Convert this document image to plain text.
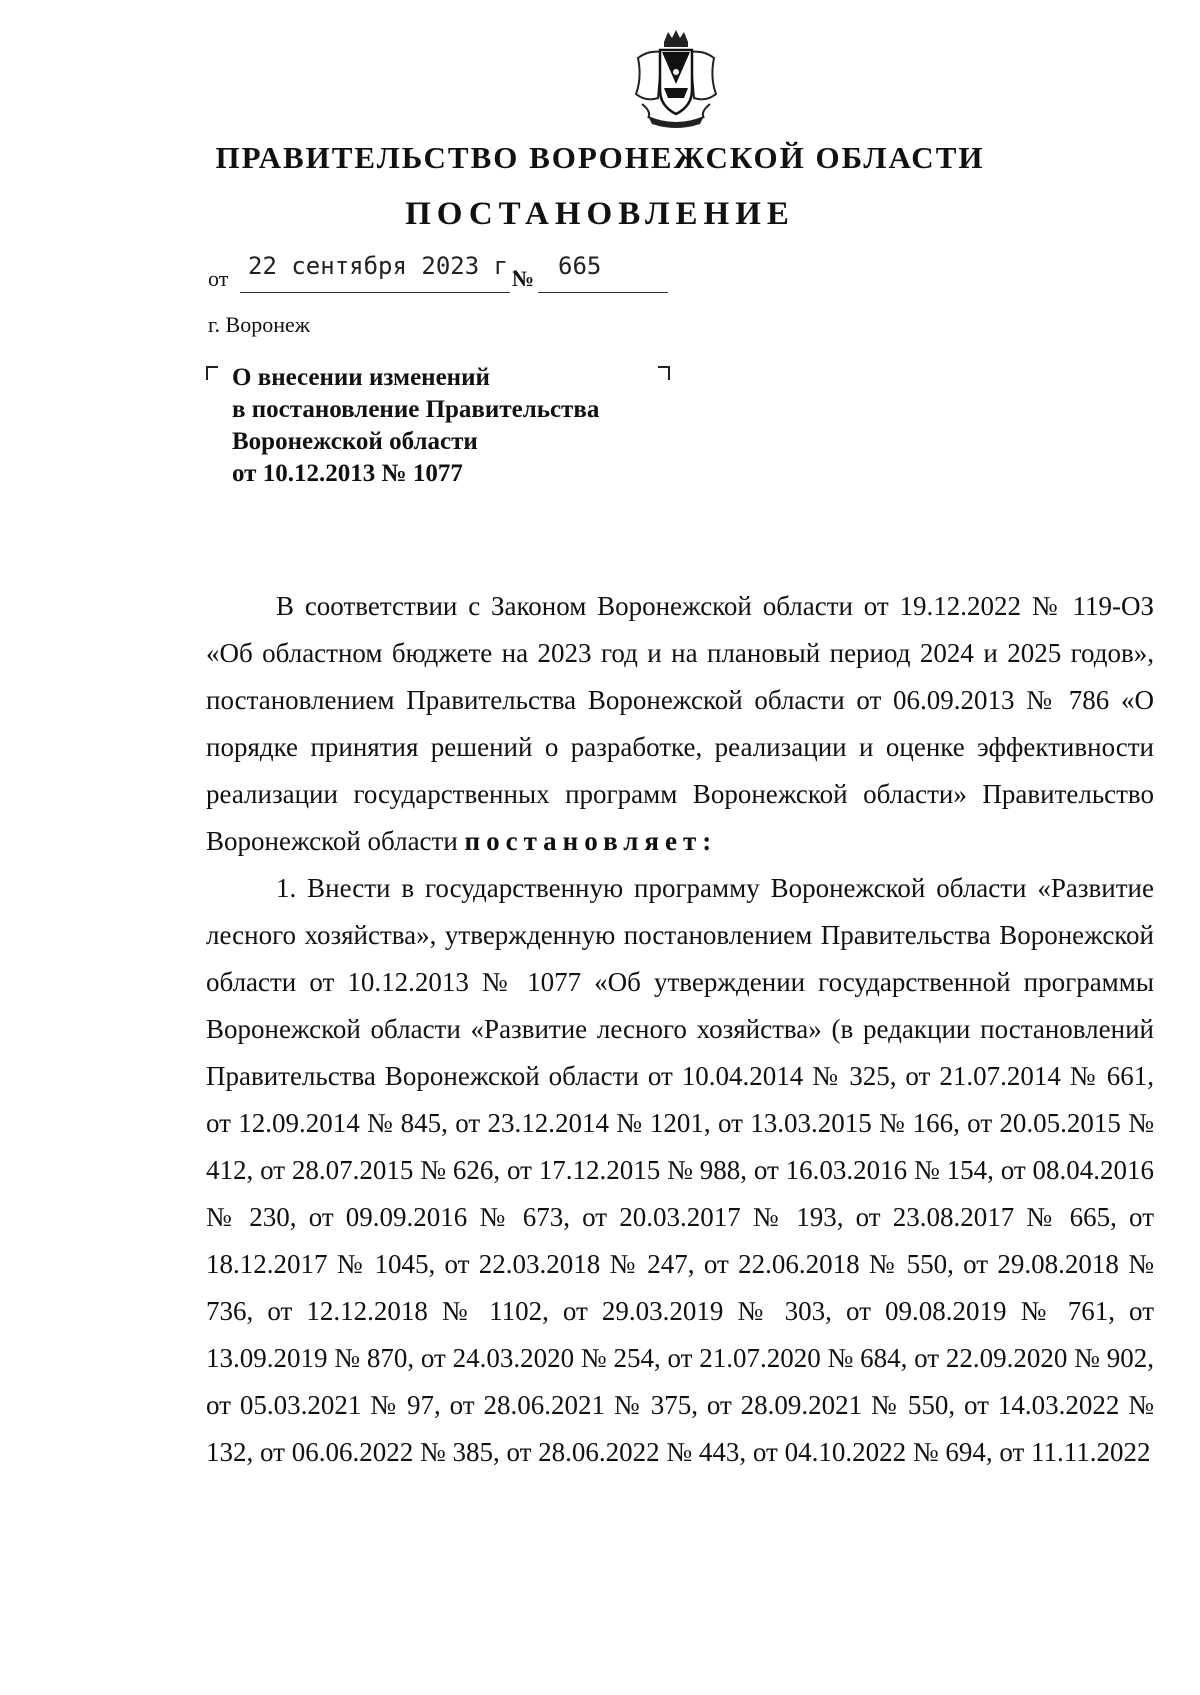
ПРАВИТЕЛЬСТВО ВОРОНЕЖСКОЙ ОБЛАСТИ
ПОСТАНОВЛЕНИЕ
от 22 сентября 2023 г.
№ 665
г. Воронеж
О внесении изменений
в постановление Правительства
Воронежской области
от 10.12.2013 № 1077

В соответствии с Законом Воронежской области от 19.12.2022 № 119-ОЗ «Об областном бюджете на 2023 год и на плановый период 2024 и 2025 годов», постановлением Правительства Воронежской области от 06.09.2013 № 786 «О порядке принятия решений о разработке, реализации и оценке эффективности реализации государственных программ Воронежской области» Правительство Воронежской области постановляет:

1. Внести в государственную программу Воронежской области «Развитие лесного хозяйства», утвержденную постановлением Правительства Воронежской области от 10.12.2013 № 1077 «Об утверждении государственной программы Воронежской области «Развитие лесного хозяйства» (в редакции постановлений Правительства Воронежской области от 10.04.2014 № 325, от 21.07.2014 № 661, от 12.09.2014 № 845, от 23.12.2014 № 1201, от 13.03.2015 № 166, от 20.05.2015 № 412, от 28.07.2015 № 626, от 17.12.2015 № 988, от 16.03.2016 № 154, от 08.04.2016 № 230, от 09.09.2016 № 673, от 20.03.2017 № 193, от 23.08.2017 № 665, от 18.12.2017 № 1045, от 22.03.2018 № 247, от 22.06.2018 № 550, от 29.08.2018 № 736, от 12.12.2018 № 1102, от 29.03.2019 № 303, от 09.08.2019 № 761, от 13.09.2019 № 870, от 24.03.2020 № 254, от 21.07.2020 № 684, от 22.09.2020 № 902, от 05.03.2021 № 97, от 28.06.2021 № 375, от 28.09.2021 № 550, от 14.03.2022 № 132, от 06.06.2022 № 385, от 28.06.2022 № 443, от 04.10.2022 № 694, от 11.11.2022
